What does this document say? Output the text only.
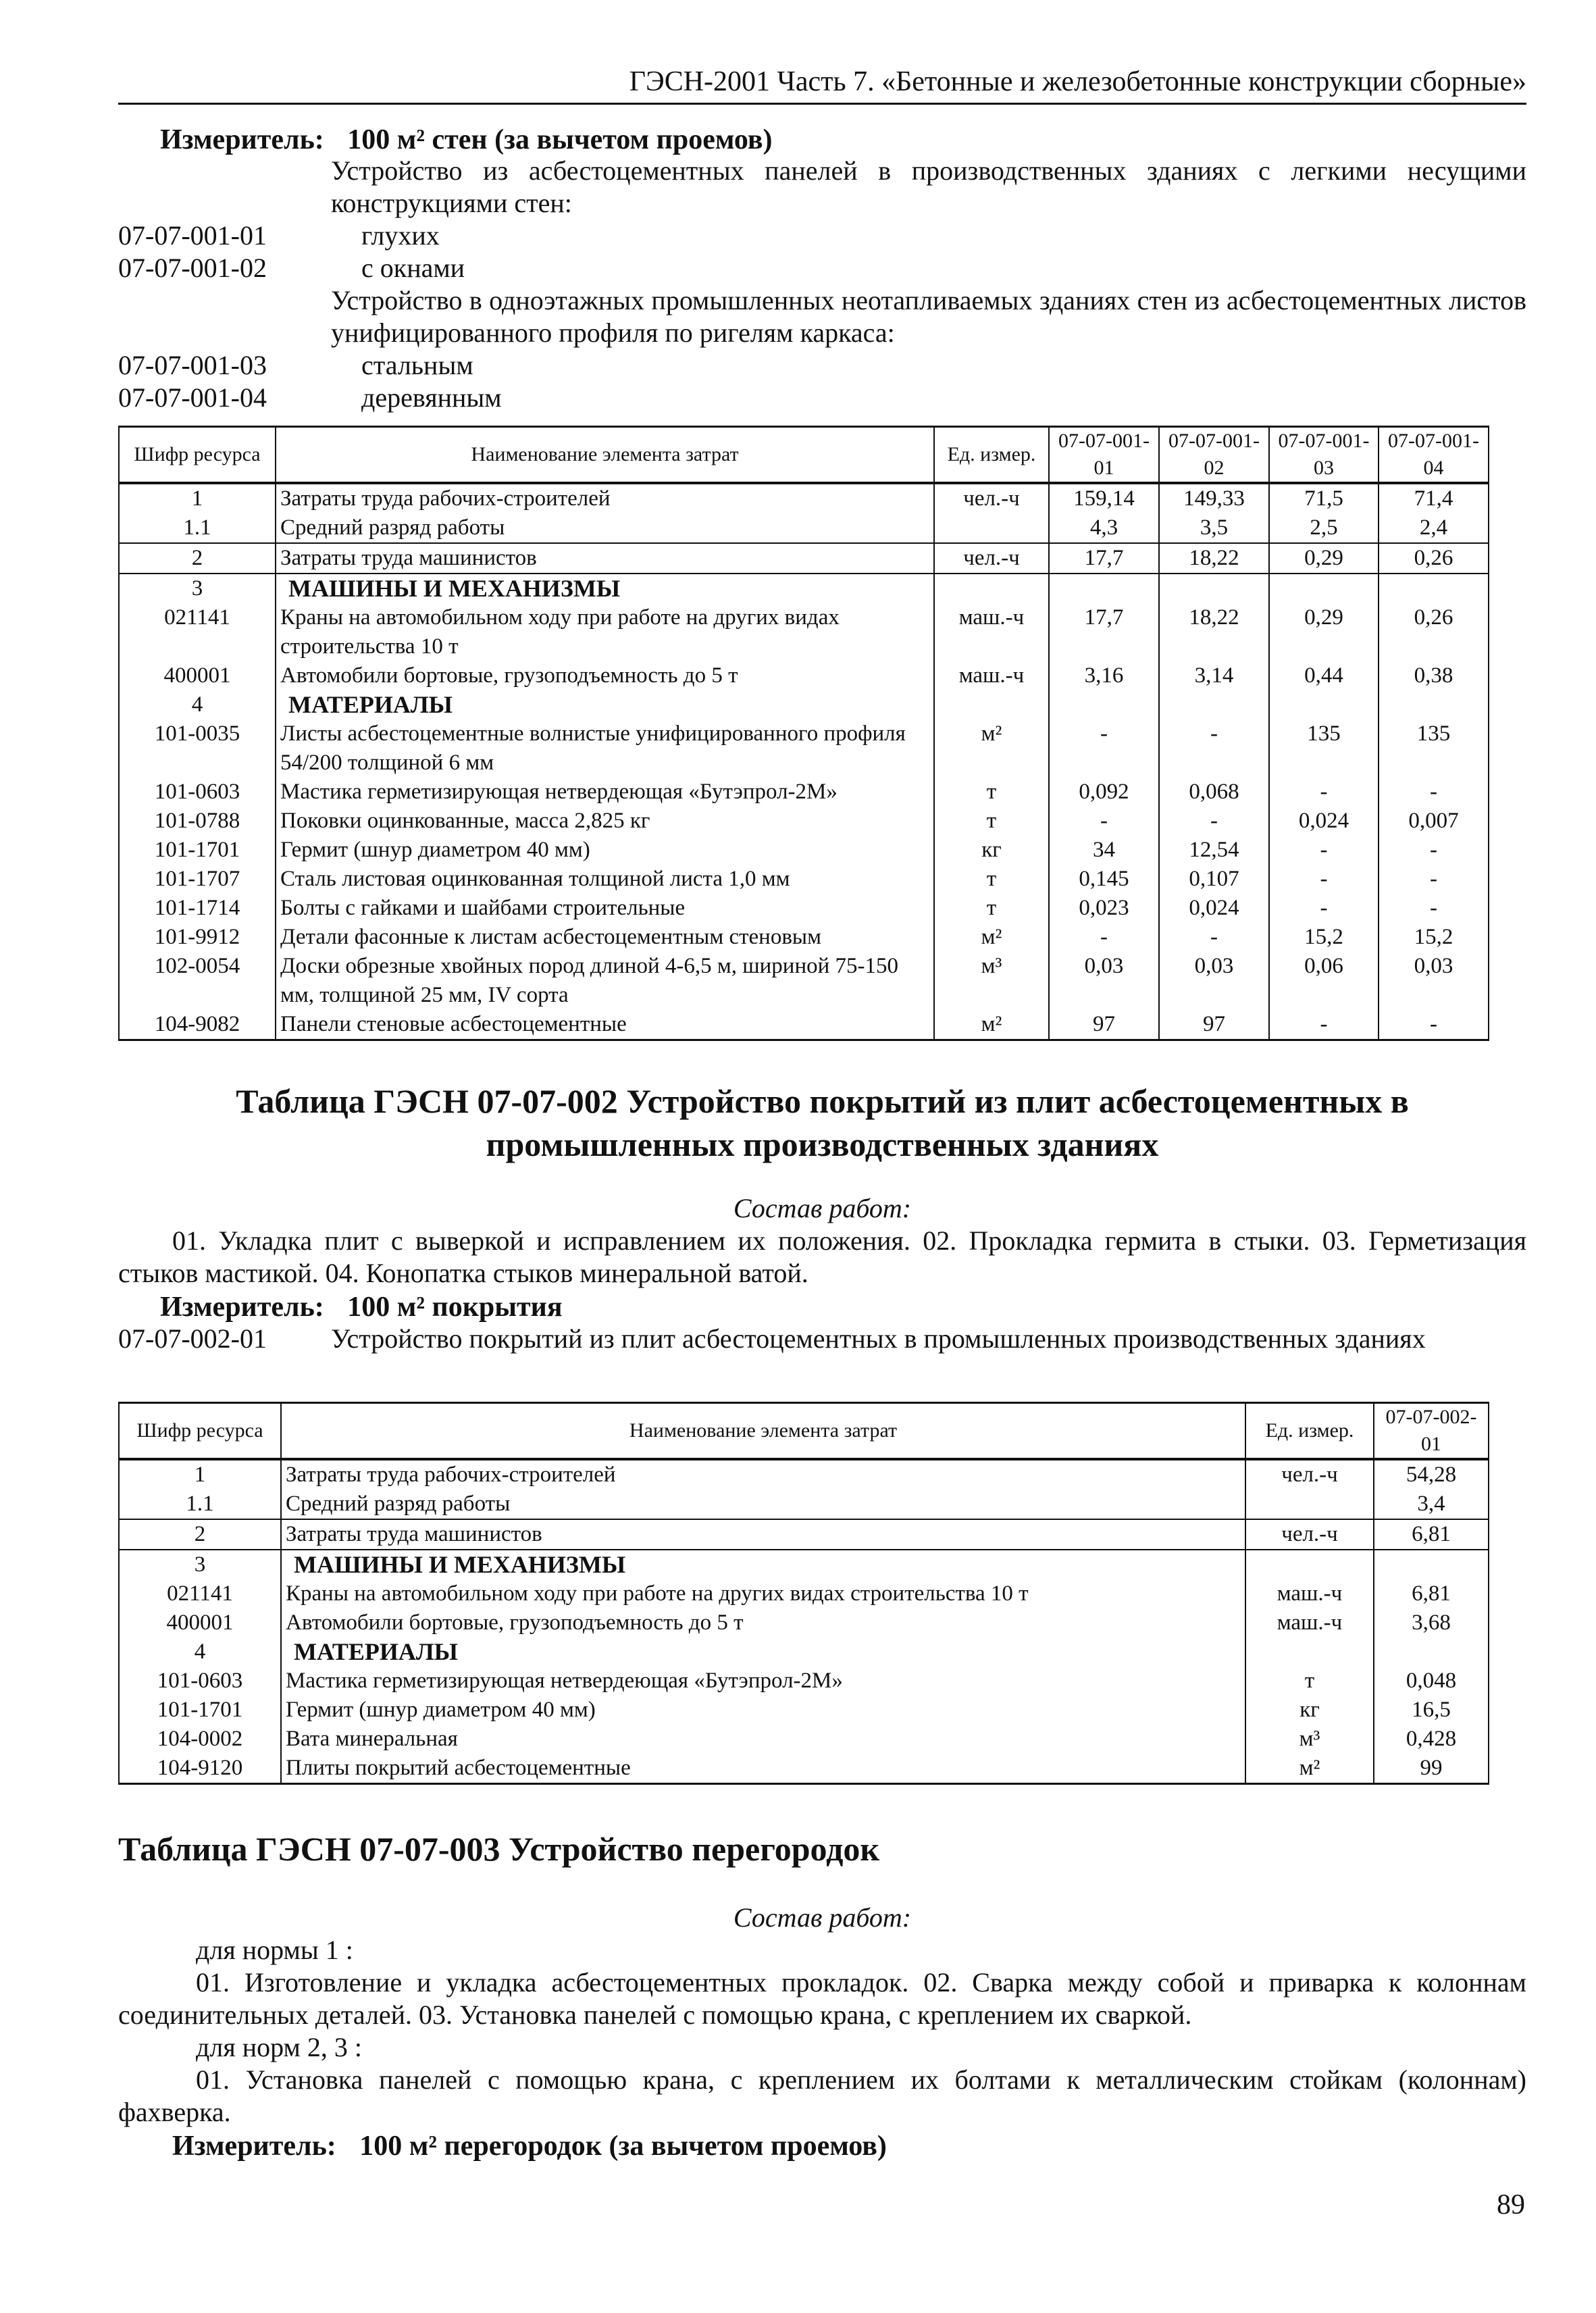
ГЭСН-2001 Часть 7. «Бетонные и железобетонные конструкции сборные»
Измеритель: 100 м² стен (за вычетом проемов)
Устройство из асбестоцементных панелей в производственных зданиях с легкими несущими конструкциями стен:
07-07-001-01	глухих
07-07-001-02	с окнами
Устройство в одноэтажных промышленных неотапливаемых зданиях стен из асбестоцементных листов унифицированного профиля по ригелям каркаса:
07-07-001-03	стальным
07-07-001-04	деревянным
Шифр ресурса	Наименование элемента затрат	Ед. измер.	07-07-001-01	07-07-001-02	07-07-001-03	07-07-001-04
1	Затраты труда рабочих-строителей	чел.-ч	159,14	149,33	71,5	71,4
1.1	Средний разряд работы		4,3	3,5	2,5	2,4
2	Затраты труда машинистов	чел.-ч	17,7	18,22	0,29	0,26
3	МАШИНЫ И МЕХАНИЗМЫ					
021141	Краны на автомобильном ходу при работе на других видах строительства 10 т	маш.-ч	17,7	18,22	0,29	0,26
400001	Автомобили бортовые, грузоподъемность до 5 т	маш.-ч	3,16	3,14	0,44	0,38
4	МАТЕРИАЛЫ					
101-0035	Листы асбестоцементные волнистые унифицированного профиля 54/200 толщиной 6 мм	м²	-	-	135	135
101-0603	Мастика герметизирующая нетвердеющая «Бутэпрол-2М»	т	0,092	0,068	-	-
101-0788	Поковки оцинкованные, масса 2,825 кг	т	-	-	0,024	0,007
101-1701	Гермит (шнур диаметром 40 мм)	кг	34	12,54	-	-
101-1707	Сталь листовая оцинкованная толщиной листа 1,0 мм	т	0,145	0,107	-	-
101-1714	Болты с гайками и шайбами строительные	т	0,023	0,024	-	-
101-9912	Детали фасонные к листам асбестоцементным стеновым	м²	-	-	15,2	15,2
102-0054	Доски обрезные хвойных пород длиной 4-6,5 м, шириной 75-150 мм, толщиной 25 мм, IV сорта	м³	0,03	0,03	0,06	0,03
104-9082	Панели стеновые асбестоцементные	м²	97	97	-	-
Таблица ГЭСН 07-07-002 Устройство покрытий из плит асбестоцементных в промышленных производственных зданиях
Состав работ:
01. Укладка плит с выверкой и исправлением их положения. 02. Прокладка гермита в стыки. 03. Герметизация стыков мастикой. 04. Конопатка стыков минеральной ватой.
Измеритель: 100 м² покрытия
07-07-002-01 Устройство покрытий из плит асбестоцементных в промышленных производственных зданиях
Шифр ресурса	Наименование элемента затрат	Ед. измер.	07-07-002-01
1	Затраты труда рабочих-строителей	чел.-ч	54,28
1.1	Средний разряд работы		3,4
2	Затраты труда машинистов	чел.-ч	6,81
3	МАШИНЫ И МЕХАНИЗМЫ		
021141	Краны на автомобильном ходу при работе на других видах строительства 10 т	маш.-ч	6,81
400001	Автомобили бортовые, грузоподъемность до 5 т	маш.-ч	3,68
4	МАТЕРИАЛЫ		
101-0603	Мастика герметизирующая нетвердеющая «Бутэпрол-2М»	т	0,048
101-1701	Гермит (шнур диаметром 40 мм)	кг	16,5
104-0002	Вата минеральная	м³	0,428
104-9120	Плиты покрытий асбестоцементные	м²	99
Таблица ГЭСН 07-07-003 Устройство перегородок
Состав работ:
для нормы 1 :
01. Изготовление и укладка асбестоцементных прокладок. 02. Сварка между собой и приварка к колоннам соединительных деталей. 03. Установка панелей с помощью крана, с креплением их сваркой.
для норм 2, 3 :
01. Установка панелей с помощью крана, с креплением их болтами к металлическим стойкам (колоннам) фахверка.
Измеритель: 100 м² перегородок (за вычетом проемов)
89
